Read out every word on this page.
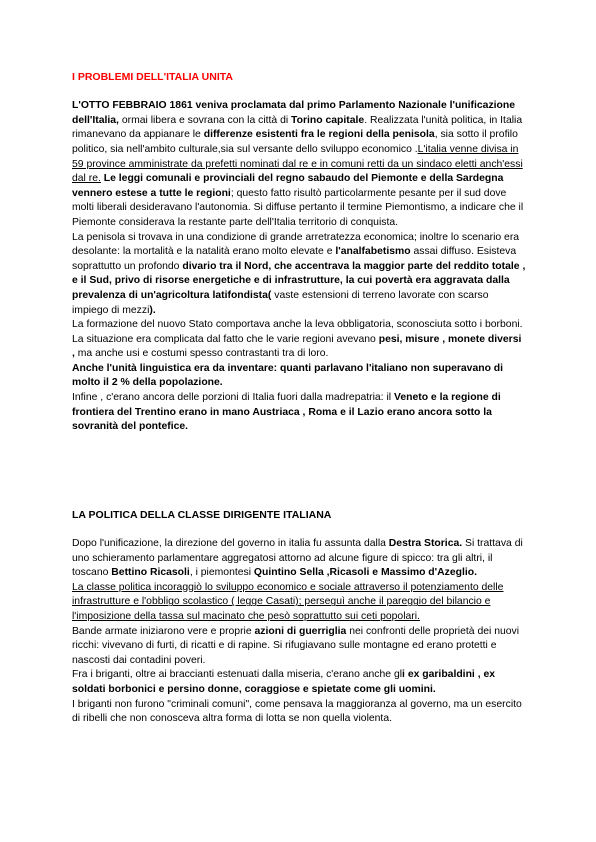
I PROBLEMI DELL'ITALIA UNITA

L'OTTO FEBBRAIO 1861 veniva proclamata dal primo Parlamento Nazionale l'unificazione dell'Italia, ormai libera e sovrana con la città di Torino capitale. Realizzata l'unità politica, in Italia rimanevano da appianare le differenze esistenti fra le regioni della penisola, sia sotto il profilo politico, sia nell'ambito culturale,sia sul versante dello sviluppo economico .L'italia venne divisa in 59 province amministrate da prefetti nominati dal re e in comuni retti da un sindaco eletti anch'essi dal re. Le leggi comunali e provinciali del regno sabaudo del Piemonte e della Sardegna vennero estese a tutte le regioni; questo fatto risultò particolarmente pesante per il sud dove molti liberali desideravano l'autonomia. Si diffuse pertanto il termine Piemontismo, a indicare che il Piemonte considerava la restante parte dell'Italia territorio di conquista.

La penisola si trovava in una condizione di grande arretratezza economica; inoltre lo scenario era desolante: la mortalità e la natalità erano molto elevate e l'analfabetismo assai diffuso. Esisteva soprattutto un profondo divario tra il Nord, che accentrava la maggior parte del reddito totale , e il Sud, privo di risorse energetiche e di infrastrutture, la cui povertà era aggravata dalla prevalenza di un'agricoltura latifondista( vaste estensioni di terreno lavorate con scarso impiego di mezzi).

La formazione del nuovo Stato comportava anche la leva obbligatoria, sconosciuta sotto i borboni.

La situazione era complicata dal fatto che le varie regioni avevano pesi, misure , monete diversi , ma anche usi e costumi spesso contrastanti tra di loro.

Anche l'unità linguistica era da inventare: quanti parlavano l'italiano non superavano di molto il 2 % della popolazione.

Infine , c'erano ancora delle porzioni di Italia fuori dalla madrepatria: il Veneto e la regione di frontiera del Trentino erano in mano Austriaca , Roma e il Lazio erano ancora sotto la sovranità del pontefice.

LA POLITICA DELLA CLASSE DIRIGENTE ITALIANA

Dopo l'unificazione, la direzione del governo in italia fu assunta dalla Destra Storica. Si trattava di uno schieramento parlamentare aggregatosi attorno ad alcune figure di spicco: tra gli altri, il toscano Bettino Ricasoli, i piemontesi Quintino Sella ,Ricasoli e Massimo d'Azeglio.

La classe politica incoraggiò lo sviluppo economico e sociale attraverso il potenziamento delle infrastrutture e l'obbligo scolastico ( legge Casati); perseguì anche il pareggio del bilancio e l'imposizione della tassa sul macinato che pesò soprattutto sui ceti popolari.

Bande armate iniziarono vere e proprie azioni di guerriglia nei confronti delle proprietà dei nuovi ricchi: vivevano di furti, di ricatti e di rapine. Si rifugiavano sulle montagne ed erano protetti e nascosti dai contadini poveri.

Fra i briganti, oltre ai braccianti estenuati dalla miseria, c'erano anche gli ex garibaldini , ex soldati borbonici e persino donne, coraggiose e spietate come gli uomini.

I briganti non furono "criminali comuni", come pensava la maggioranza al governo, ma un esercito di ribelli che non conosceva altra forma di lotta se non quella violenta.
